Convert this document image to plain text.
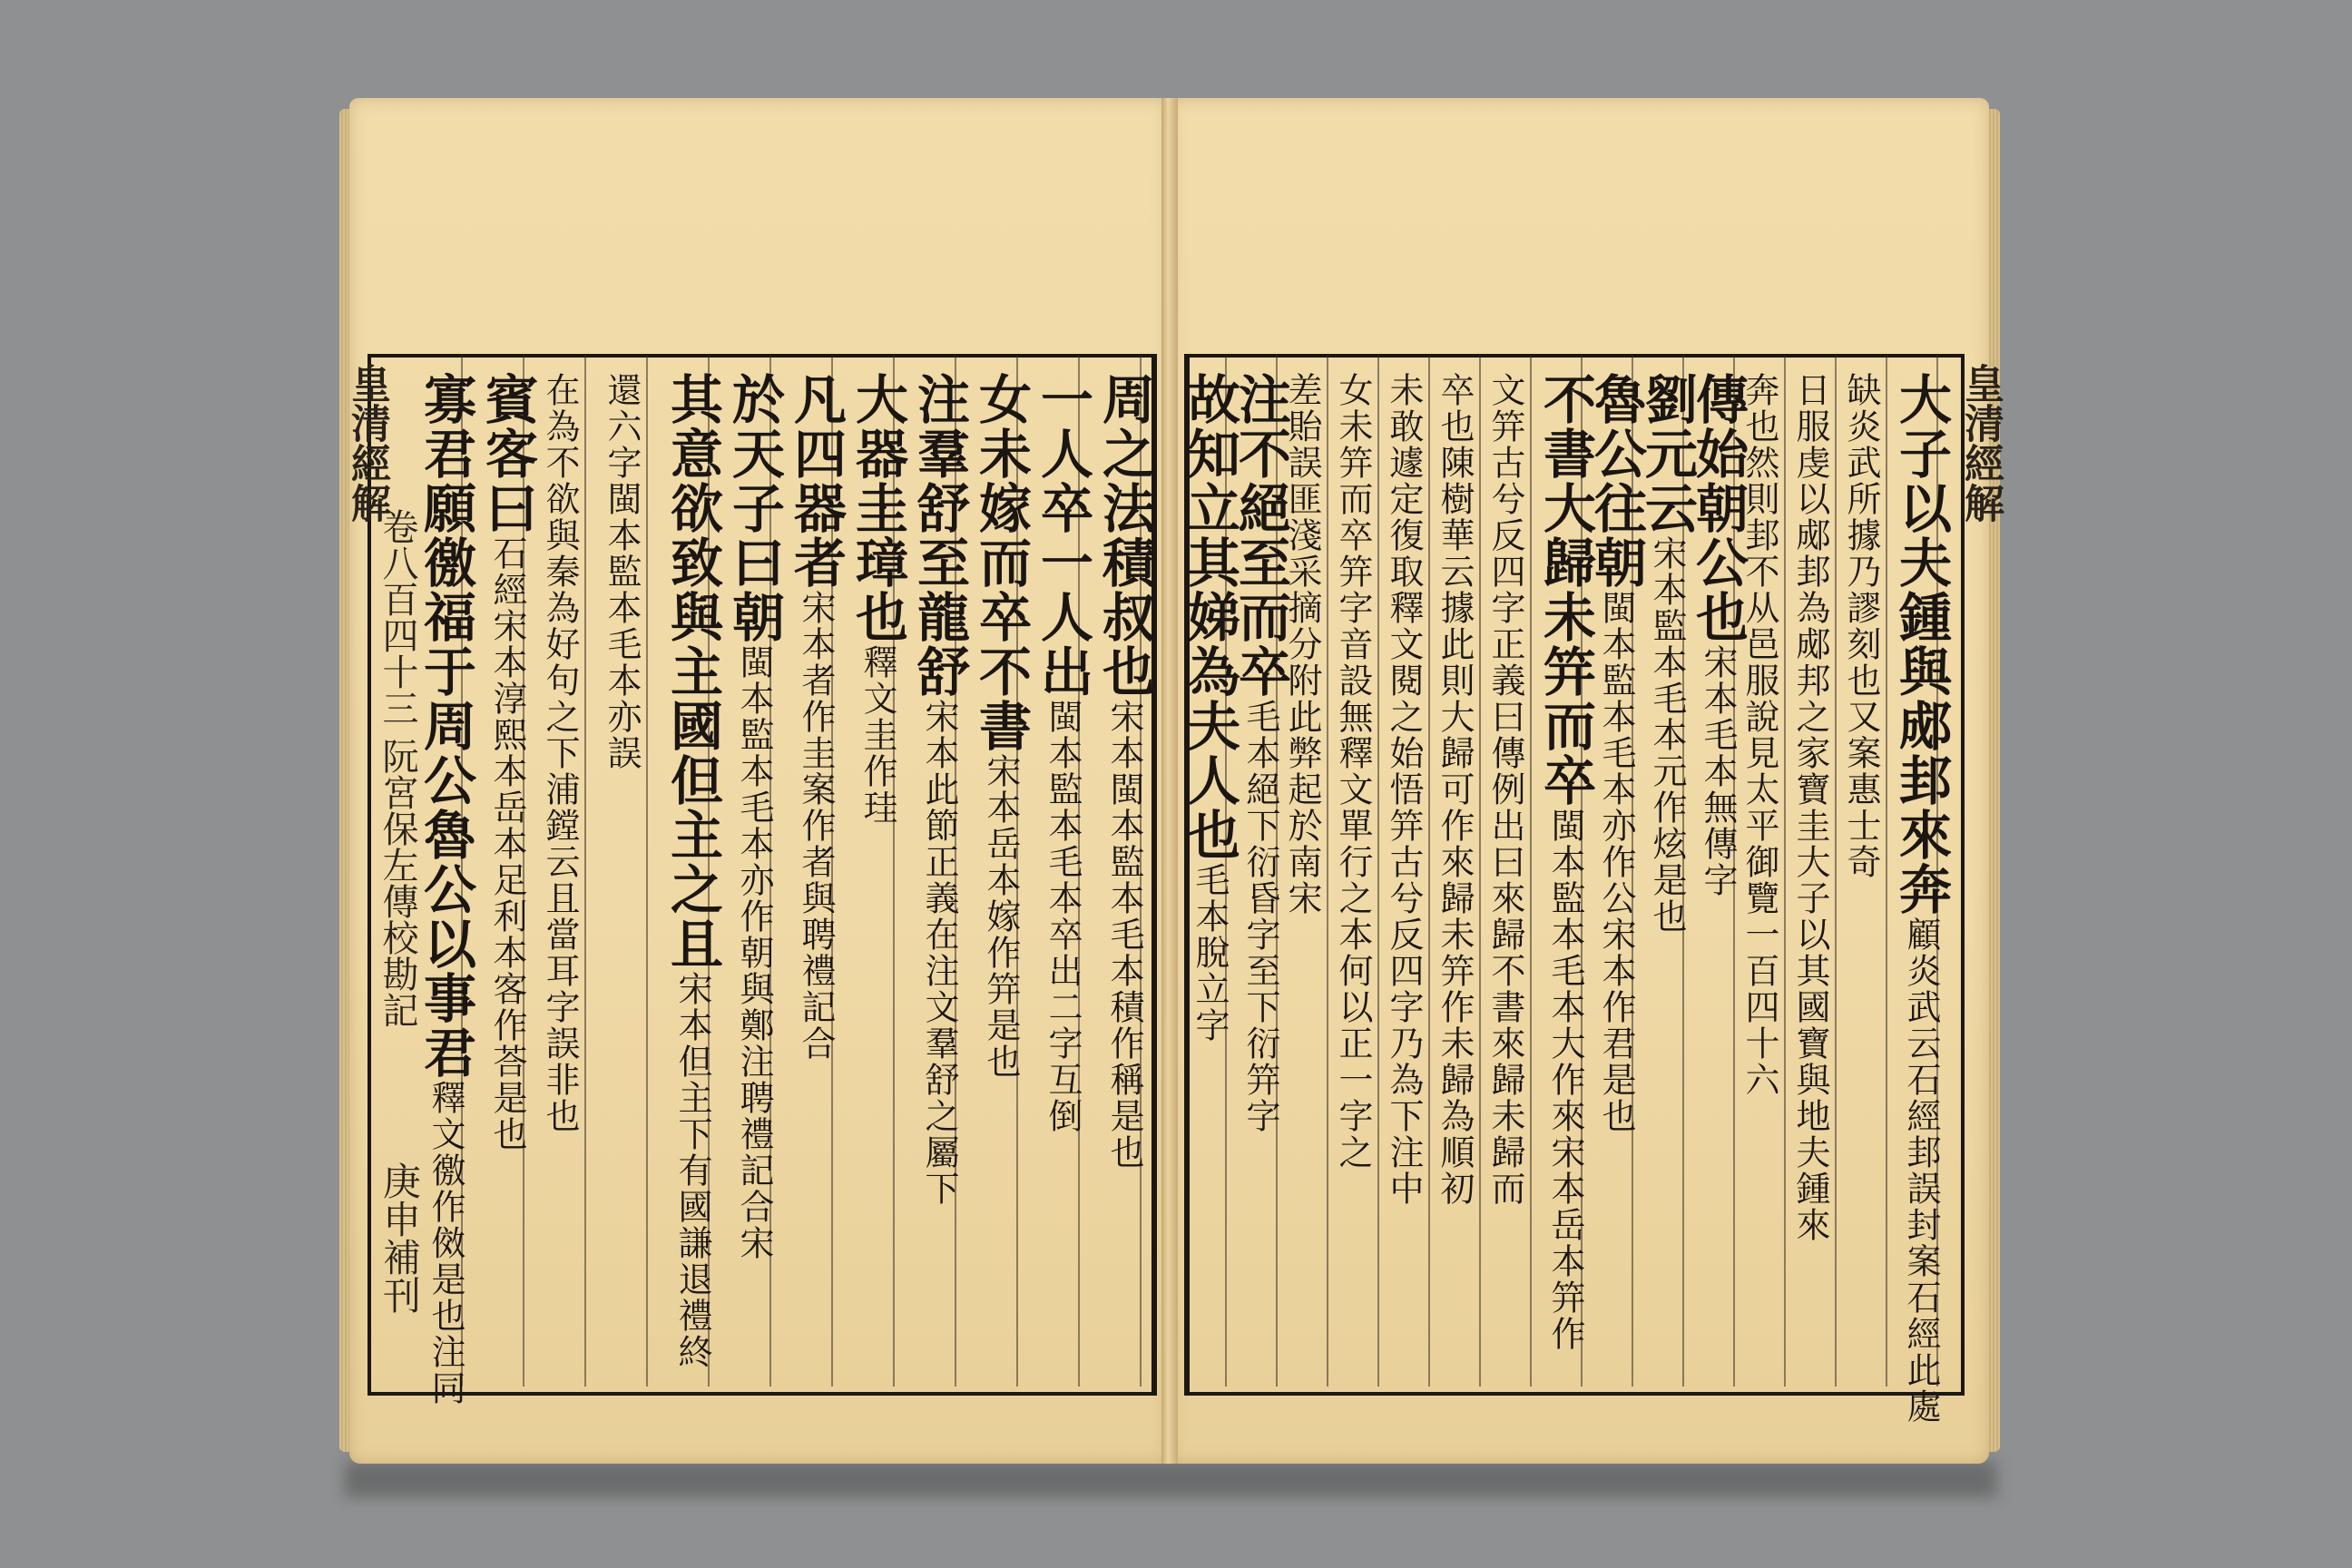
皇清經解
皇清經解
卷八百四十三 阮宮保左傳校勘記
庚申補刊
大子以夫鍾與郕邽來奔顧炎武云石經邽誤封案石經此處
缺炎武所據乃謬刻也又案惠士奇
日服虔以郕邽為郕邦之家寶圭大子以其國寶與地夫鍾來
奔也然則邽不从邑服說見太平御覽一百四十六
傳始朝公也宋本毛本無傳字
劉元云宋本監本毛本元作炫是也
魯公往朝閩本監本毛本亦作公宋本作君是也
不書大歸未笄而卒閩本監本毛本大作來宋本岳本笄作
文笄古兮反四字正義曰傳例出曰來歸不書來歸未歸而
卒也陳樹華云據此則大歸可作來歸未笄作未歸為順初
未敢遽定復取釋文閱之始悟笄古兮反四字乃為下注中
女未笄而卒笄字音設無釋文單行之本何以正一字之
差貽誤匪淺采摘分附此弊起於南宋
注不絕至而卒毛本絕下衍昏字至下衍笄字
故知立其娣為夫人也毛本脫立字
周之法積叔也宋本閩本監本毛本積作稱是也
一人卒一人出閩本監本毛本卒出二字互倒
女未嫁而卒不書宋本岳本嫁作笄是也
注羣舒至龍舒宋本此節正義在注文羣舒之屬下
大器圭璋也釋文圭作珪
凡四器者宋本者作圭案作者與聘禮記合
於天子曰朝閩本監本毛本亦作朝與鄭注聘禮記合宋
其意欲致與主國但主之且宋本但主下有國謙退禮終
還六字閩本監本毛本亦誤
在為不欲與秦為好句之下浦鏜云且當耳字誤非也
賓客曰石經宋本淳熙本岳本足利本客作荅是也
寡君願徼福于周公魯公以事君釋文徼作傚是也注同
